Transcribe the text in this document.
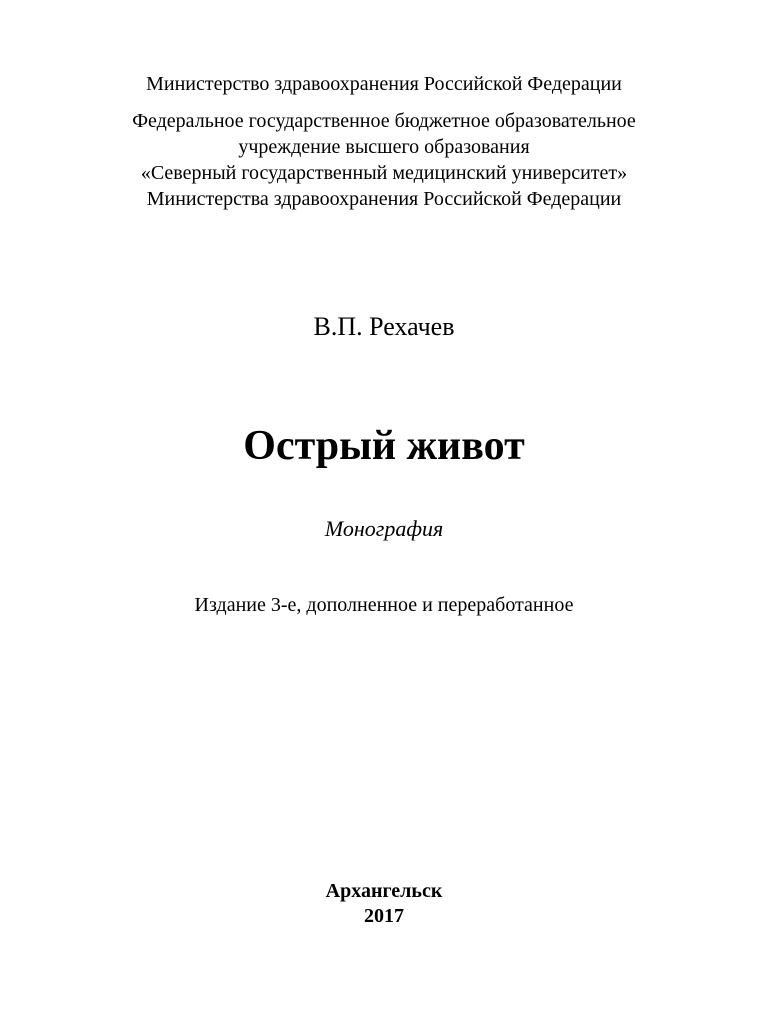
Министерство здравоохранения Российской Федерации
Федеральное государственное бюджетное образовательное
учреждение высшего образования
«Северный государственный медицинский университет»
Министерства здравоохранения Российской Федерации
В.П. Рехачев
Острый живот
Монография
Издание 3-е, дополненное и переработанное
Архангельск
2017
